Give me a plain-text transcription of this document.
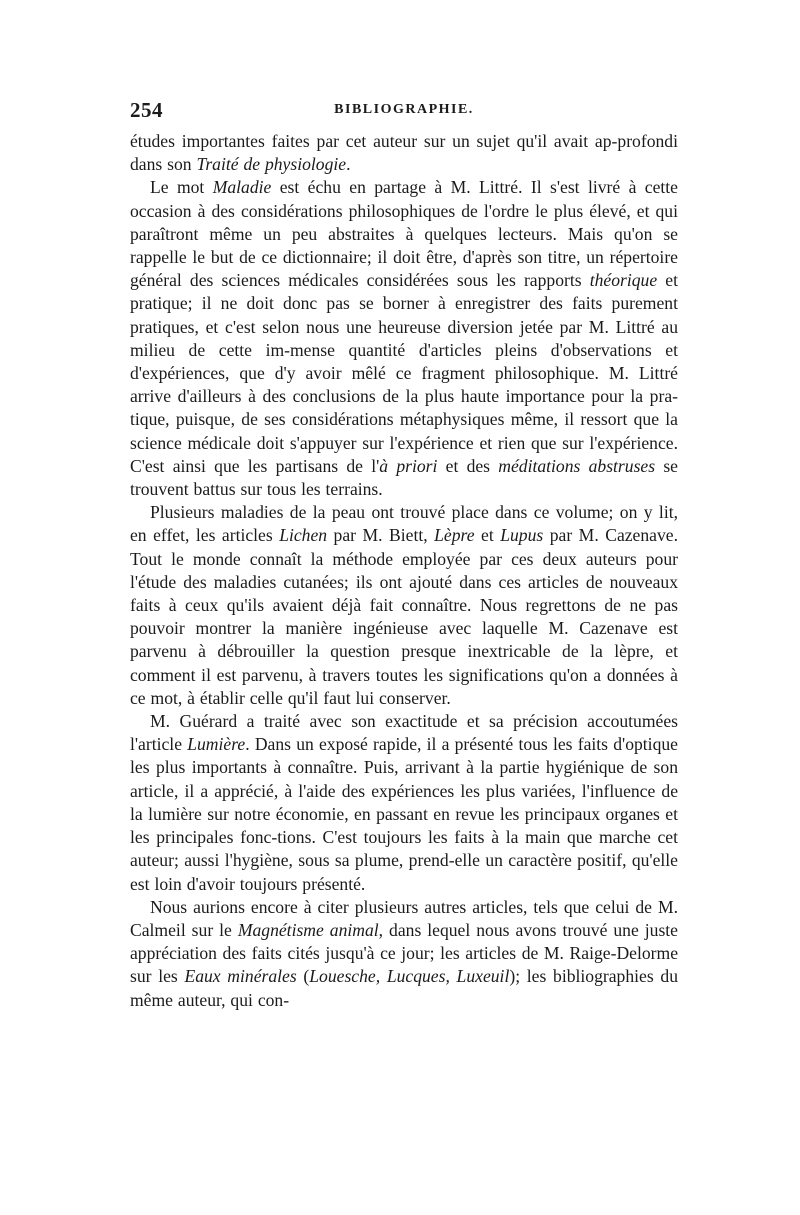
254	BIBLIOGRAPHIE.

études importantes faites par cet auteur sur un sujet qu'il avait ap-profondi dans son Traité de physiologie.

Le mot Maladie est échu en partage à M. Littré. Il s'est livré à cette occasion à des considérations philosophiques de l'ordre le plus élevé, et qui paraîtront même un peu abstraites à quelques lecteurs. Mais qu'on se rappelle le but de ce dictionnaire; il doit être, d'après son titre, un répertoire général des sciences médicales considérées sous les rapports théorique et pratique; il ne doit donc pas se borner à enregistrer des faits purement pratiques, et c'est selon nous une heureuse diversion jetée par M. Littré au milieu de cette im-mense quantité d'articles pleins d'observations et d'expériences, que d'y avoir mêlé ce fragment philosophique. M. Littré arrive d'ailleurs à des conclusions de la plus haute importance pour la pra-tique, puisque, de ses considérations métaphysiques même, il ressort que la science médicale doit s'appuyer sur l'expérience et rien que sur l'expérience. C'est ainsi que les partisans de l'à priori et des méditations abstruses se trouvent battus sur tous les terrains.

Plusieurs maladies de la peau ont trouvé place dans ce volume; on y lit, en effet, les articles Lichen par M. Biett, Lèpre et Lupus par M. Cazenave. Tout le monde connaît la méthode employée par ces deux auteurs pour l'étude des maladies cutanées; ils ont ajouté dans ces articles de nouveaux faits à ceux qu'ils avaient déjà fait connaître. Nous regrettons de ne pas pouvoir montrer la manière ingénieuse avec laquelle M. Cazenave est parvenu à débrouiller la question presque inextricable de la lèpre, et comment il est parvenu, à travers toutes les significations qu'on a données à ce mot, à établir celle qu'il faut lui conserver.

M. Guérard a traité avec son exactitude et sa précision accoutumées l'article Lumière. Dans un exposé rapide, il a présenté tous les faits d'optique les plus importants à connaître. Puis, arrivant à la partie hygiénique de son article, il a apprécié, à l'aide des expériences les plus variées, l'influence de la lumière sur notre économie, en passant en revue les principaux organes et les principales fonc-tions. C'est toujours les faits à la main que marche cet auteur; aussi l'hygiène, sous sa plume, prend-elle un caractère positif, qu'elle est loin d'avoir toujours présenté.

Nous aurions encore à citer plusieurs autres articles, tels que celui de M. Calmeil sur le Magnétisme animal, dans lequel nous avons trouvé une juste appréciation des faits cités jusqu'à ce jour; les articles de M. Raige-Delorme sur les Eaux minérales (Louesche, Lucques, Luxeuil); les bibliographies du même auteur, qui con-
